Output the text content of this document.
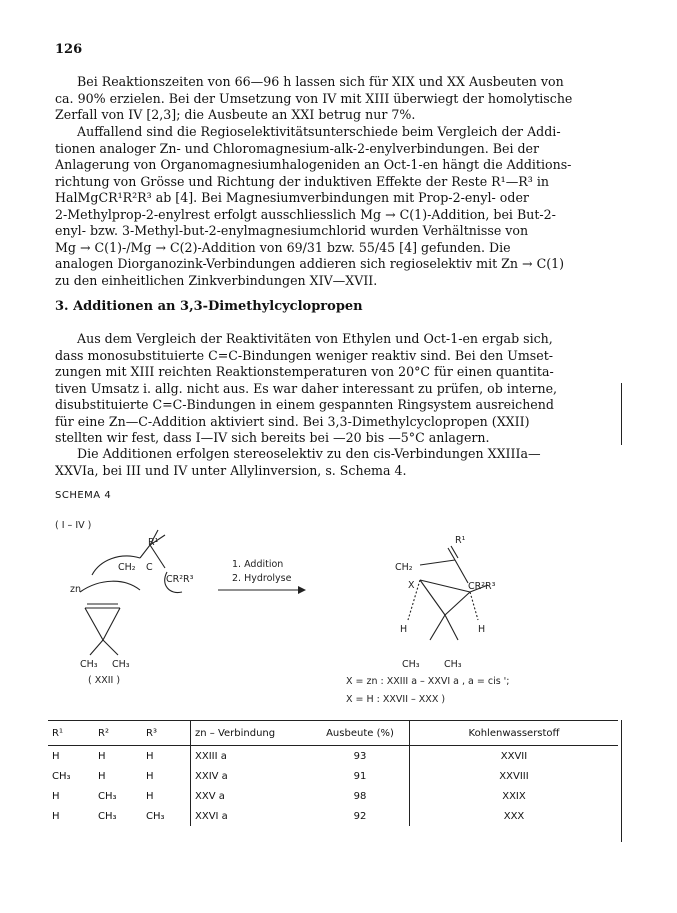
126
Bei Reaktionszeiten von 66—96 h lassen sich für XIX und XX Ausbeuten von
ca. 90% erzielen. Bei der Umsetzung von IV mit XIII überwiegt der homolytische
Zerfall von IV [2,3]; die Ausbeute an XXI betrug nur 7%.
Auffallend sind die Regioselektivitätsunterschiede beim Vergleich der Addi-
tionen analoger Zn- und Chloromagnesium-alk-2-enylverbindungen. Bei der
Anlagerung von Organomagnesiumhalogeniden an Oct-1-en hängt die Additions-
richtung von Grösse und Richtung der induktiven Effekte der Reste R¹—R³ in
HalMgCR¹R²R³ ab [4]. Bei Magnesiumverbindungen mit Prop-2-enyl- oder
2-Methylprop-2-enylrest erfolgt ausschliesslich Mg → C(1)-Addition, bei But-2-
enyl- bzw. 3-Methyl-but-2-enylmagnesiumchlorid wurden Verhältnisse von
Mg → C(1)-/Mg → C(2)-Addition von 69/31 bzw. 55/45 [4] gefunden. Die
analogen Diorganozink-Verbindungen addieren sich regioselektiv mit Zn → C(1)
zu den einheitlichen Zinkverbindungen XIV—XVII.
3. Additionen an 3,3-Dimethylcyclopropen
Aus dem Vergleich der Reaktivitäten von Ethylen und Oct-1-en ergab sich,
dass monosubstituierte C=C-Bindungen weniger reaktiv sind. Bei den Umset-
zungen mit XIII reichten Reaktionstemperaturen von 20°C für einen quantita-
tiven Umsatz i. allg. nicht aus. Es war daher interessant zu prüfen, ob interne,
disubstituierte C=C-Bindungen in einem gespannten Ringsystem ausreichend
für eine Zn—C-Addition aktiviert sind. Bei 3,3-Dimethylcyclopropen (XXII)
stellten wir fest, dass I—IV sich bereits bei —20 bis —5°C anlagern.
Die Additionen erfolgen stereoselektiv zu den cis-Verbindungen XXIIIa—
XXVIa, bei III und IV unter Allylinversion, s. Schema 4.
SCHEMA 4
( I – IV )
R¹
CH₂ C
CR²R³
zn
CH₃ CH₃
( XXII )
1. Addition
2. Hydrolyse
R¹
CH₂
X	CR²R³
H	H
CH₃	CH₃
X = zn : XXIII a – XXVI a , a = cis ';
X = H : XXVII – XXX )
R¹	R²	R³	zn – Verbindung	Ausbeute (%)	Kohlenwasserstoff
H	H	H	XXIII a	93	XXVII
CH₃	H	H	XXIV a	91	XXVIII
H	CH₃	H	XXV a	98	XXIX
H	CH₃	CH₃	XXVI a	92	XXX
